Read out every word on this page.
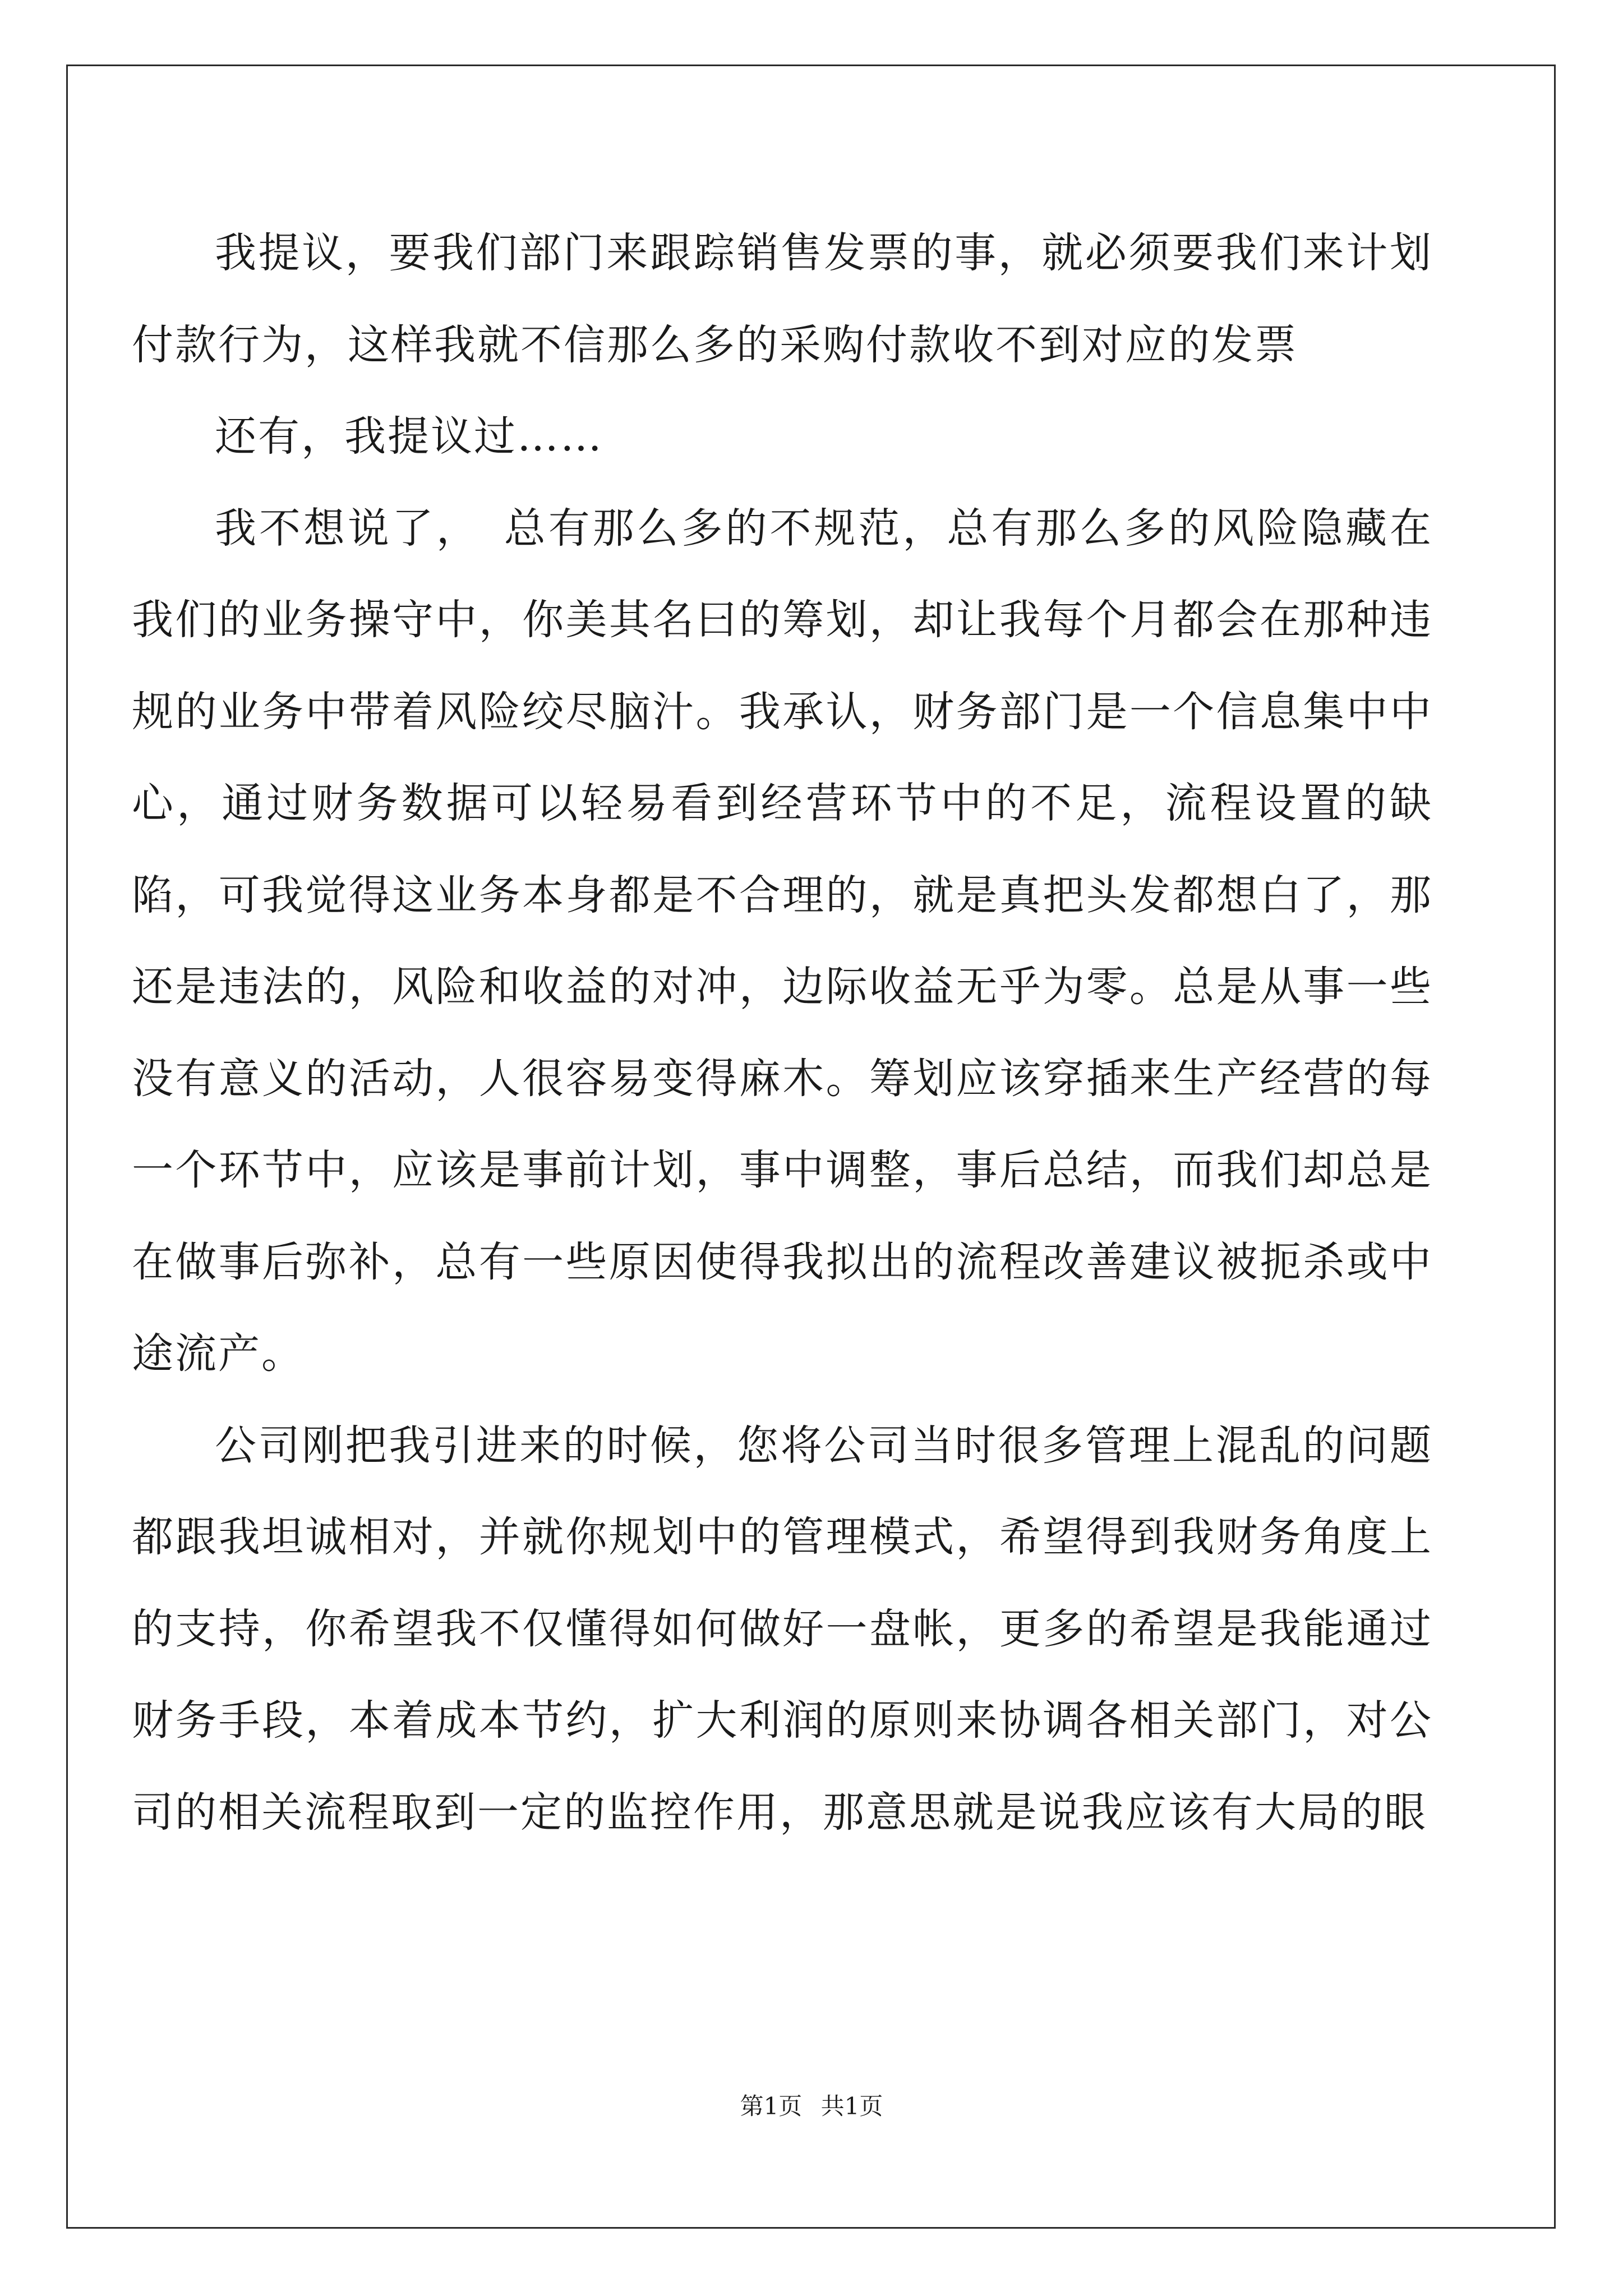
我提议，要我们部门来跟踪销售发票的事，就必须要我们来计划付款行为，这样我就不信那么多的采购付款收不到对应的发票

还有，我提议过……

我不想说了，　总有那么多的不规范，总有那么多的风险隐藏在我们的业务操守中，你美其名曰的筹划，却让我每个月都会在那种违规的业务中带着风险绞尽脑汁。我承认，财务部门是一个信息集中中心，通过财务数据可以轻易看到经营环节中的不足，流程设置的缺陷，可我觉得这业务本身都是不合理的，就是真把头发都想白了，那还是违法的，风险和收益的对冲，边际收益无乎为零。总是从事一些没有意义的活动，人很容易变得麻木。筹划应该穿插来生产经营的每一个环节中，应该是事前计划，事中调整，事后总结，而我们却总是在做事后弥补，总有一些原因使得我拟出的流程改善建议被扼杀或中途流产。

公司刚把我引进来的时候，您将公司当时很多管理上混乱的问题都跟我坦诚相对，并就你规划中的管理模式，希望得到我财务角度上的支持，你希望我不仅懂得如何做好一盘帐，更多的希望是我能通过财务手段，本着成本节约，扩大利润的原则来协调各相关部门，对公司的相关流程取到一定的监控作用，那意思就是说我应该有大局的眼

第1页 共1页
